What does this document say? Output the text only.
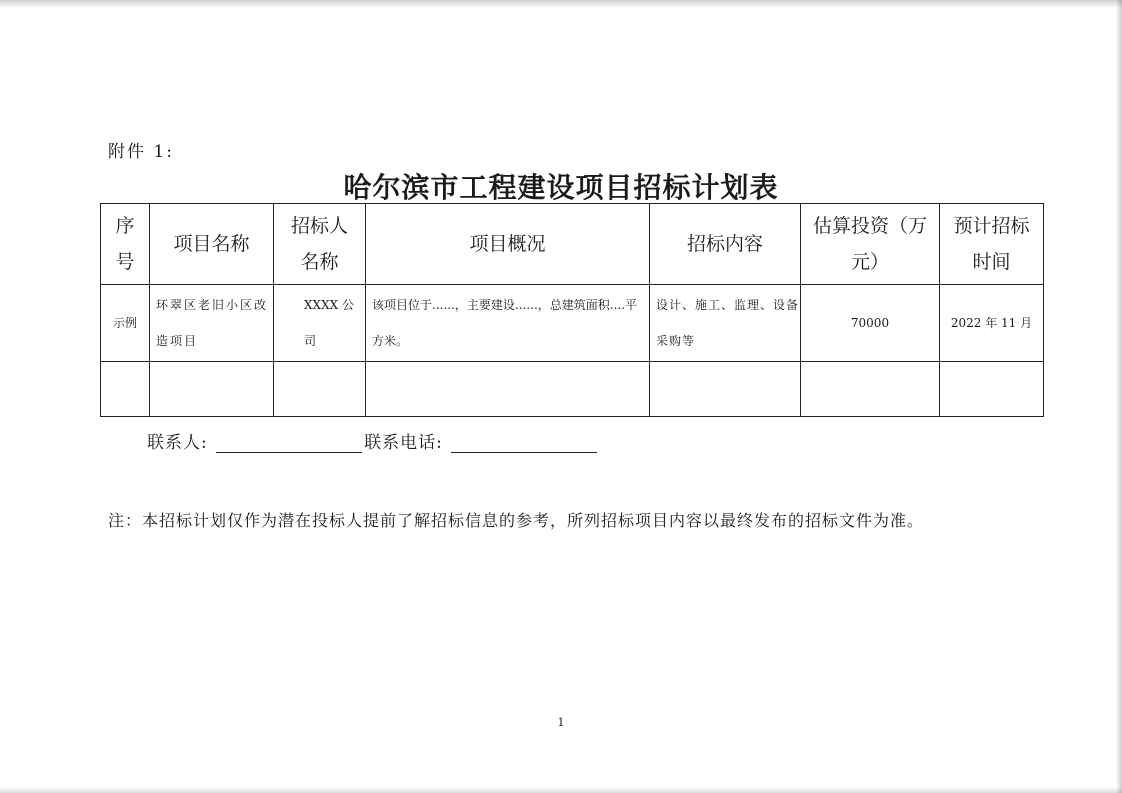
附件 1:
哈尔滨市工程建设项目招标计划表
序号	项目名称	招标人名称	项目概况	招标内容	估算投资（万元）	预计招标时间

示例	环翠区老旧小区改造项目	XXXX 公司	该项目位于......，主要建设......，总建筑面积....平方米。	设计、施工、监理、设备采购等	70000	2022 年 11 月

联系人:	联系电话:
注：本招标计划仅作为潜在投标人提前了解招标信息的参考，所列招标项目内容以最终发布的招标文件为准。
1
